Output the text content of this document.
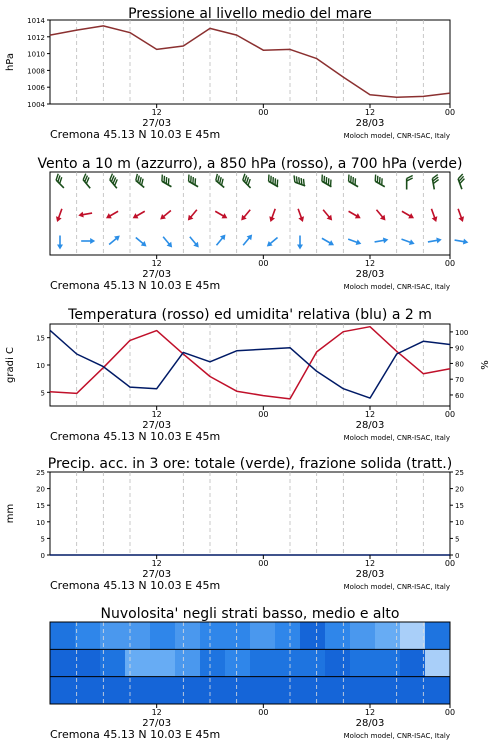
Pressione al livello medio del mare
1004
1006
1008
1010
1012
1014
hPa
12	00	12	00
27/03	28/03
Cremona 45.13 N 10.03 E 45m	Moloch model, CNR-ISAC, Italy
Vento a 10 m (azzurro), a 850 hPa (rosso), a 700 hPa (verde)
12	00	12	00
27/03	28/03
Cremona 45.13 N 10.03 E 45m	Moloch model, CNR-ISAC, Italy
Temperatura (rosso) ed umidita' relativa (blu) a 2 m
5
10
15
60
70
80
90
100
gradi C	%
12	00	12	00
27/03	28/03
Cremona 45.13 N 10.03 E 45m	Moloch model, CNR-ISAC, Italy
Precip. acc. in 3 ore: totale (verde), frazione solida (tratt.)
0
5
10
15
20
25
0
5
10
15
20
25
mm
12	00	12	00
27/03	28/03
Cremona 45.13 N 10.03 E 45m	Moloch model, CNR-ISAC, Italy
Nuvolosita' negli strati basso, medio e alto
12	00	12	00
27/03	28/03
Cremona 45.13 N 10.03 E 45m	Moloch model, CNR-ISAC, Italy
